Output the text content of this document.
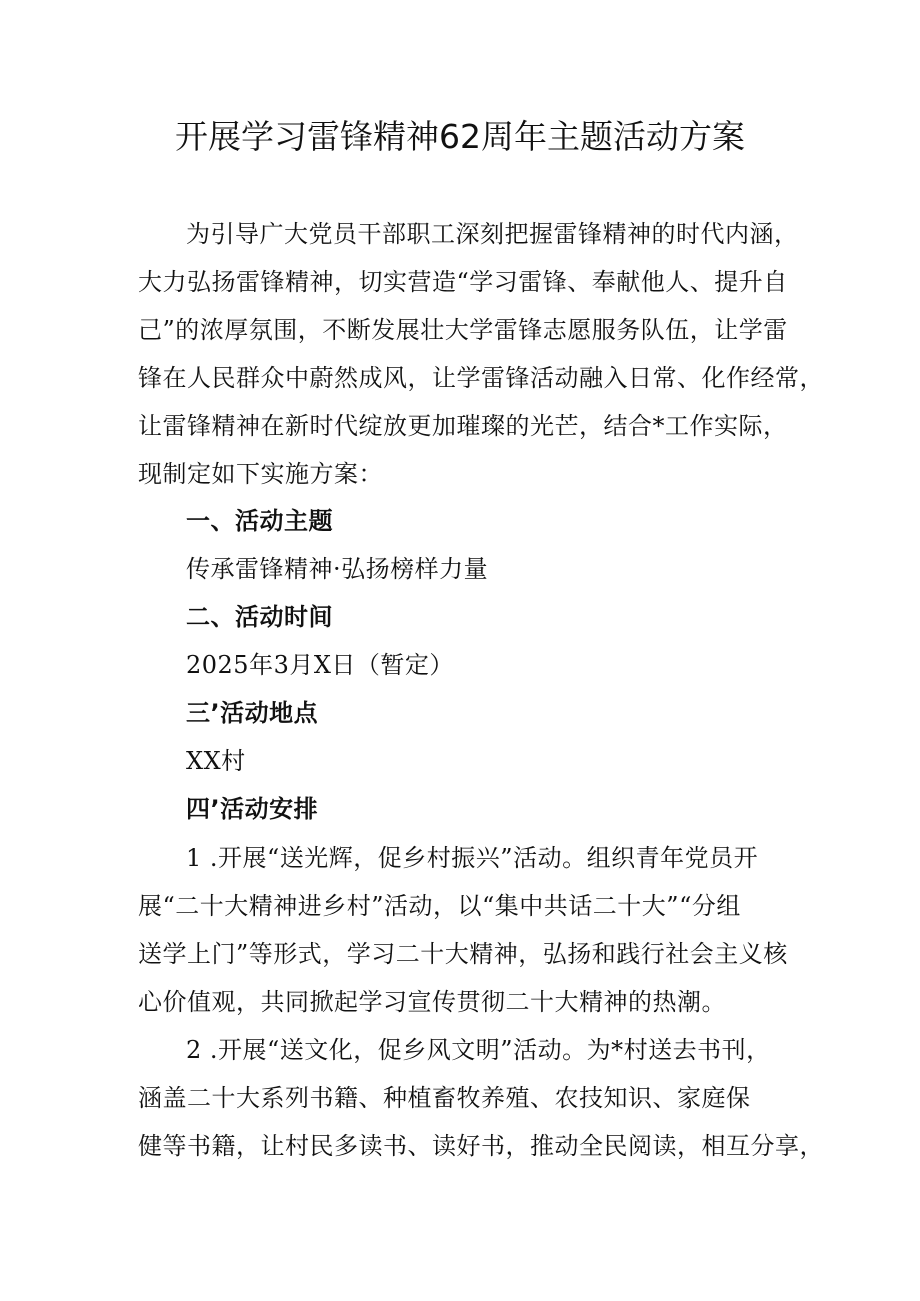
开展学习雷锋精神62周年主题活动方案
为引导广大党员干部职工深刻把握雷锋精神的时代内涵，
大力弘扬雷锋精神，切实营造“学习雷锋、奉献他人、提升自
己”的浓厚氛围，不断发展壮大学雷锋志愿服务队伍，让学雷
锋在人民群众中蔚然成风，让学雷锋活动融入日常、化作经常，
让雷锋精神在新时代绽放更加璀璨的光芒，结合*工作实际，
现制定如下实施方案：
一、活动主题
传承雷锋精神·弘扬榜样力量
二、活动时间
2025年3月X日（暂定）
三’活动地点
XX村
四’活动安排
1 .开展“送光辉，促乡村振兴”活动。组织青年党员开
展“二十大精神进乡村”活动，以“集中共话二十大”“分组
送学上门”等形式，学习二十大精神，弘扬和践行社会主义核
心价值观，共同掀起学习宣传贯彻二十大精神的热潮。
2 .开展“送文化，促乡风文明”活动。为*村送去书刊，
涵盖二十大系列书籍、种植畜牧养殖、农技知识、家庭保
健等书籍，让村民多读书、读好书，推动全民阅读，相互分享，
